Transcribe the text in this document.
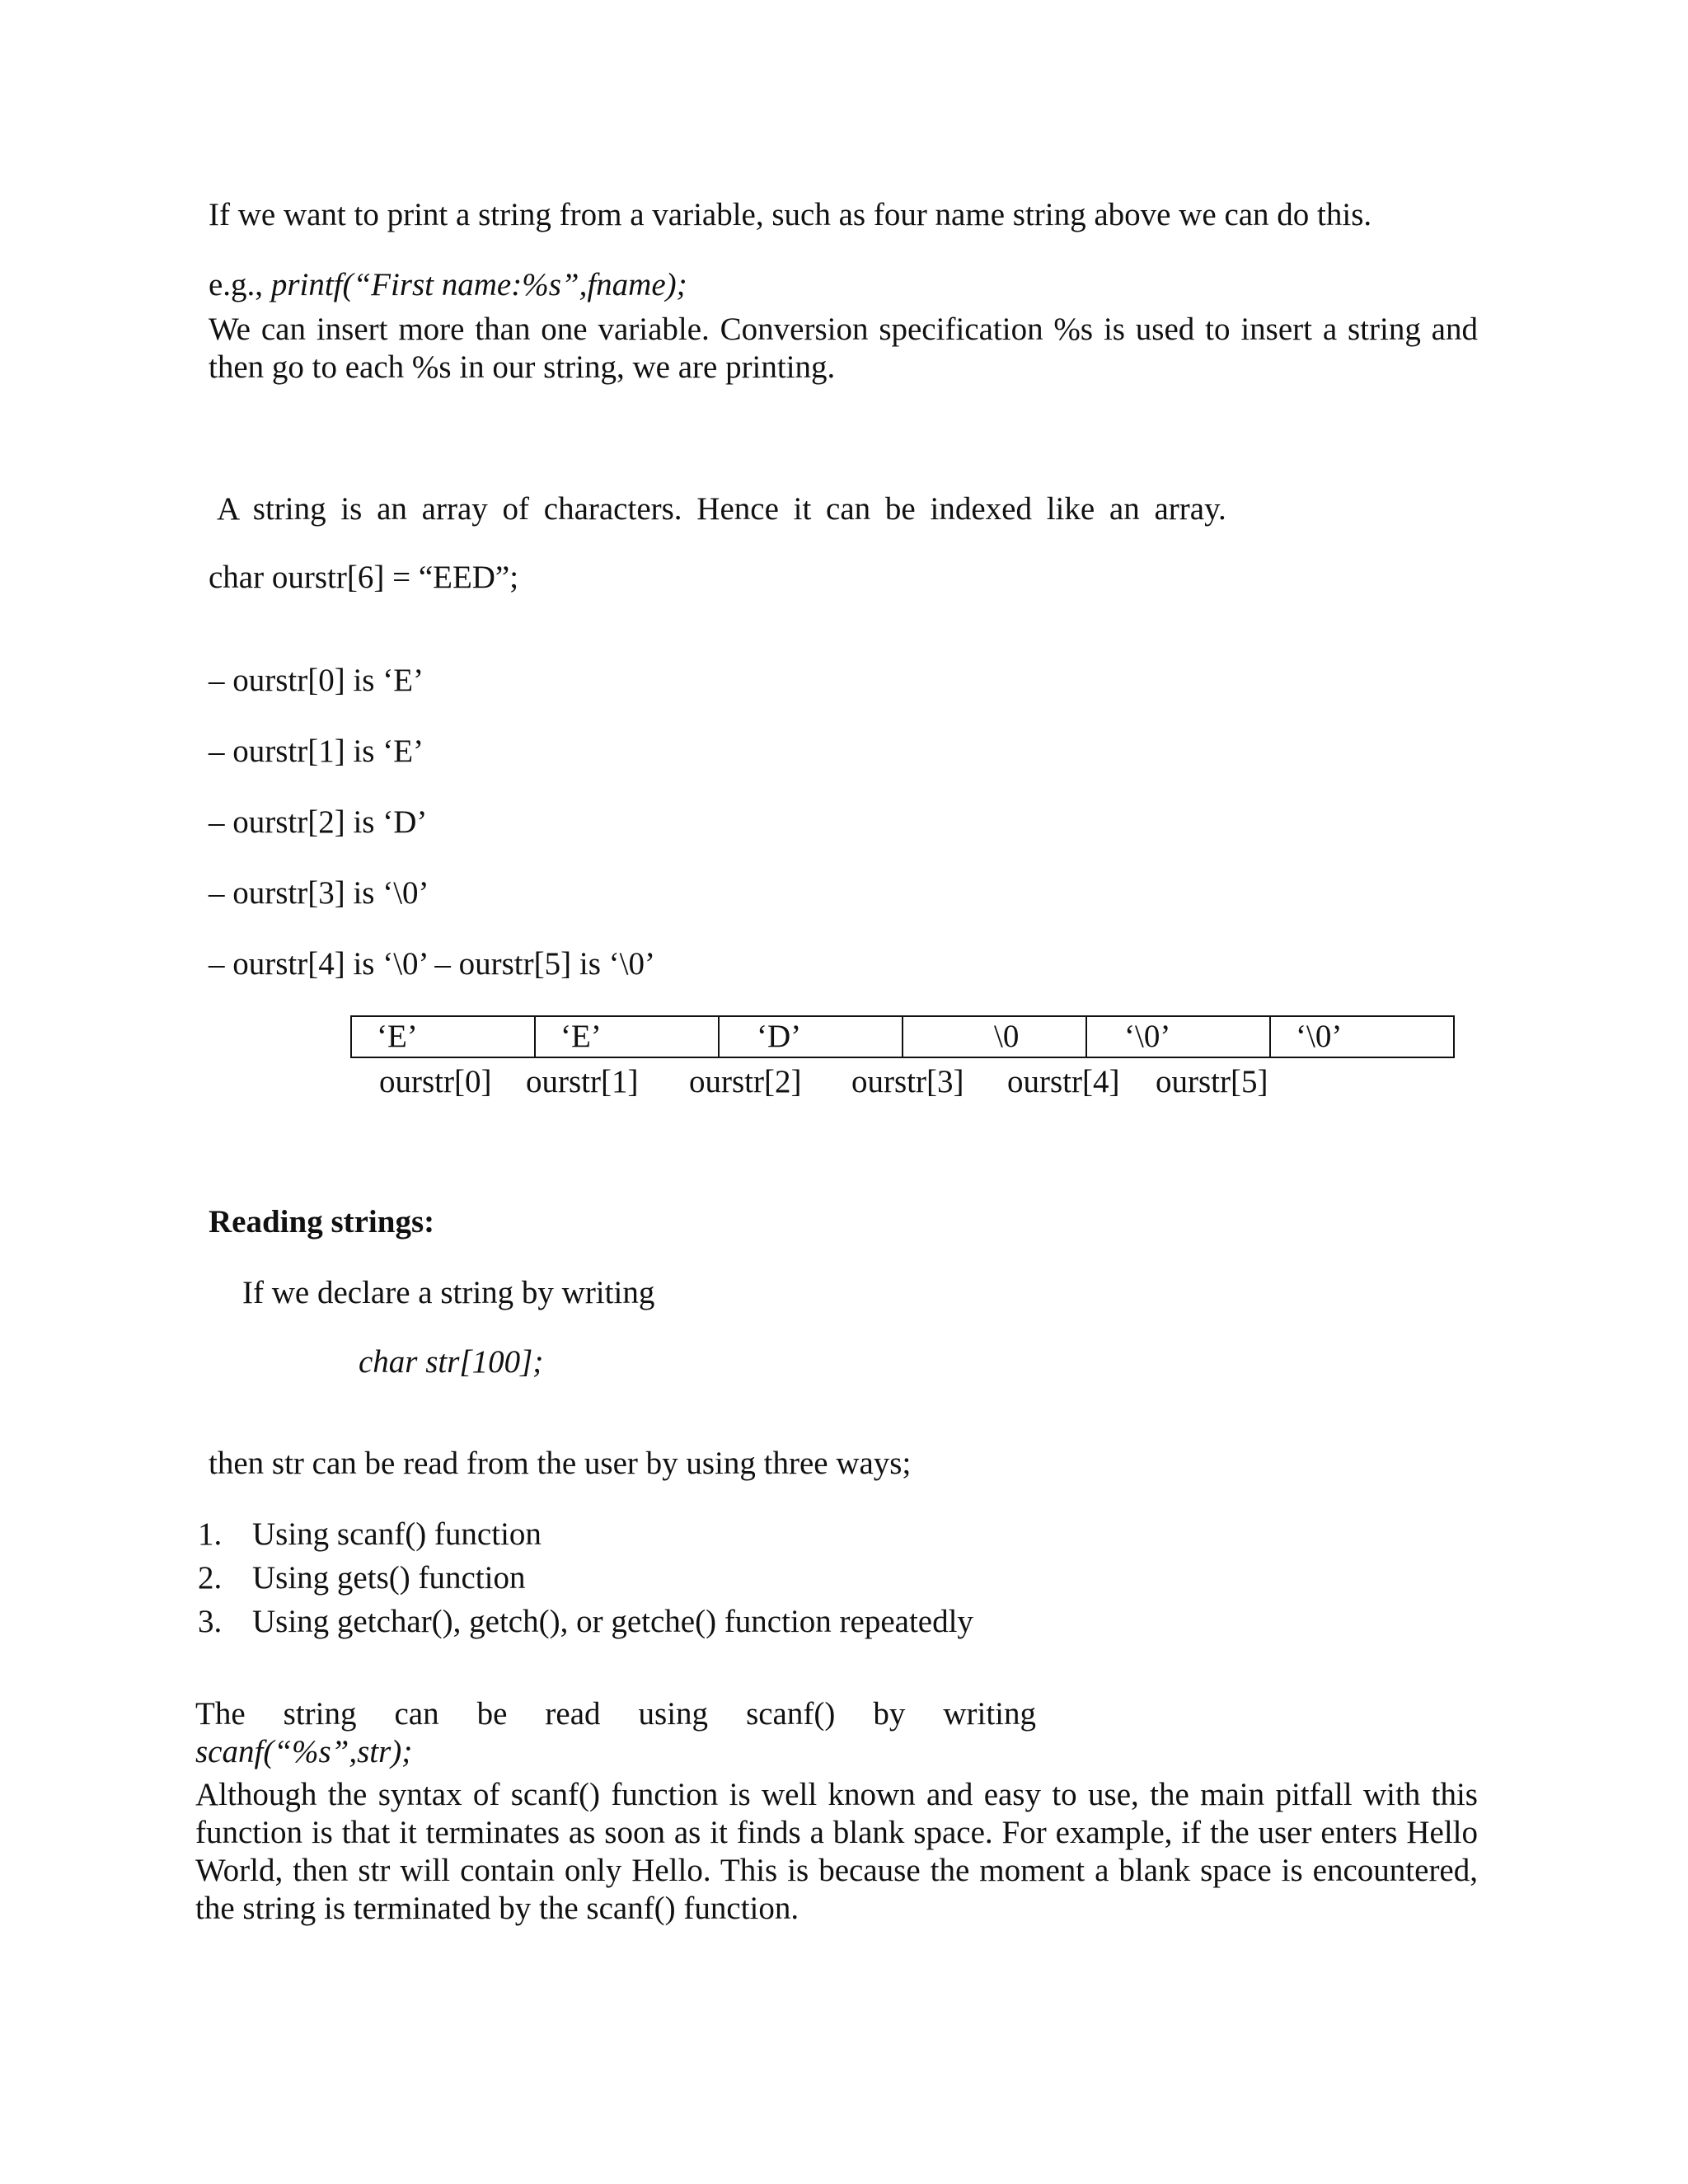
If we want to print a string from a variable, such as four name string above we can do this.
e.g., printf(“First name:%s”,fname);
We can insert more than one variable. Conversion specification %s is used to insert a string and then go to each %s in our string, we are printing.
A string is an array of characters. Hence it can be indexed like an array.
char ourstr[6] = “EED”;
– ourstr[0] is ‘E’
– ourstr[1] is ‘E’
– ourstr[2] is ‘D’
– ourstr[3] is ‘\0’
– ourstr[4] is ‘\0’ – ourstr[5] is ‘\0’
‘E’	‘E’	‘D’	\0	‘\0’	‘\0’
ourstr[0] ourstr[1] ourstr[2] ourstr[3] ourstr[4] ourstr[5]
Reading strings:
If we declare a string by writing
char str[100];
then str can be read from the user by using three ways;
1. Using scanf() function
2. Using gets() function
3. Using getchar(), getch(), or getche() function repeatedly
The string can be read using scanf() by writing
scanf(“%s”,str);
Although the syntax of scanf() function is well known and easy to use, the main pitfall with this function is that it terminates as soon as it finds a blank space. For example, if the user enters Hello World, then str will contain only Hello. This is because the moment a blank space is encountered, the string is terminated by the scanf() function.
